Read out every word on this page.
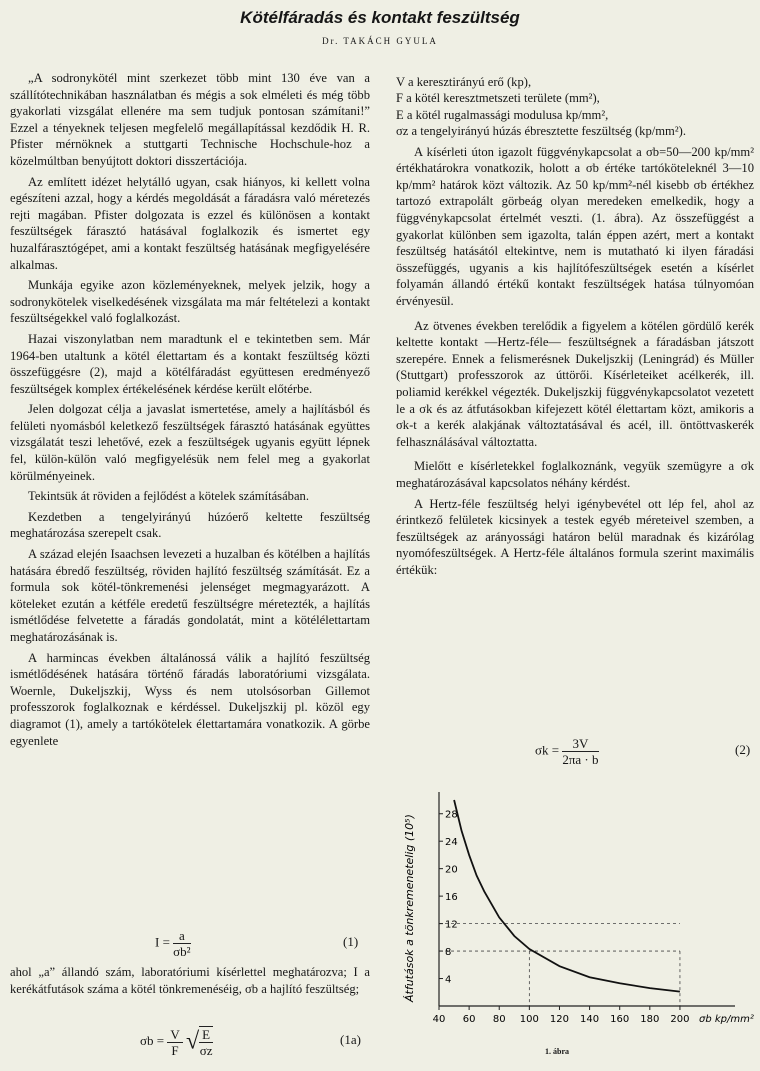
Kötélfáradás és kontakt feszültség
Dr. TAKÁCH GYULA

„A sodronykötél mint szerkezet több mint 130 éve van a szállítótechnikában használatban és mégis a sok elméleti és még több gyakorlati vizsgálat ellenére ma sem tudjuk pontosan számítani!” Ezzel a tényeknek teljesen megfelelő megállapítással kezdődik H. R. Pfister mérnöknek a stuttgarti Technische Hochschule-hoz a közelmúltban benyújtott doktori disszertációja.

Az említett idézet helytálló ugyan, csak hiányos, ki kellett volna egészíteni azzal, hogy a kérdés megoldását a fáradásra való méretezés rejti magában. Pfister dolgozata is ezzel és különösen a kontakt feszültségek fárasztó hatásával foglalkozik és ismertet egy huzalfárasztógépet, ami a kontakt feszültség hatásának megfigyelésére alkalmas.

Munkája egyike azon közleményeknek, melyek jelzik, hogy a sodronykötelek viselkedésének vizsgálata ma már feltételezi a kontakt feszültségekkel való foglalkozást.

Hazai viszonylatban nem maradtunk el e tekintetben sem. Már 1964-ben utaltunk a kötél élettartam és a kontakt feszültség közti összefüggésre (2), majd a kötélfáradást együttesen eredményező feszültségek komplex értékelésének kérdése került előtérbe.

Jelen dolgozat célja a javaslat ismertetése, amely a hajlításból és felületi nyomásból keletkező feszültségek fárasztó hatásának együttes vizsgálatát teszi lehetővé, ezek a feszültségek ugyanis együtt lépnek fel, külön-külön való megfigyelésük nem felel meg a gyakorlat körülményeinek.

Tekintsük át röviden a fejlődést a kötelek számításában.

Kezdetben a tengelyirányú húzóerő keltette feszültség meghatározása szerepelt csak.

A század elején Isaachsen levezeti a huzalban és kötélben a hajlítás hatására ébredő feszültség, röviden hajlító feszültség számítását. Ez a formula sok kötél-tönkremenési jelenséget megmagyarázott. A köteleket ezután a kétféle eredetű feszültségre méretezték, a hajlítás ismétlődése felvetette a fáradás gondolatát, mint a kötélélettartam meghatározásának is.

A harmincas években általánossá válik a hajlító feszültség ismétlődésének hatására történő fáradás laboratóriumi vizsgálata. Woernle, Dukeljszkij, Wyss és nem utolsósorban Gillemot professzorok foglalkoznak e kérdéssel. Dukeljszkij pl. közöl egy diagramot (1), amely a tartókötelek élettartamára vonatkozik. A görbe egyenlete

$I = \frac{a}{\text{σb²}}$	(1)

ahol „a” állandó szám, laboratóriumi kísérlettel meghatározva; I a kerékátfutások száma a kötél tönkremenéséig, σb a hajlító feszültség;

$\sigma b = \frac{V}{F}$ √ $\frac{E}{\sigma z}$	(1a)
V a keresztirányú erő (kp),
F a kötél keresztmetszeti területe (mm²),
E a kötél rugalmassági modulusa kp/mm²,
σz a tengelyirányú húzás ébresztette feszültség (kp/mm²).

A kísérleti úton igazolt függvénykapcsolat a σb=50—200 kp/mm² értékhatárokra vonatkozik, holott a σb értéke tartóköteleknél 3—10 kp/mm² határok közt változik. Az 50 kp/mm²-nél kisebb σb értékhez tartozó extrapolált görbeág olyan meredeken emelkedik, hogy a függvénykapcsolat értelmét veszti. (1. ábra). Az összefüggést a gyakorlat különben sem igazolta, talán éppen azért, mert a kontakt feszültség hatásától eltekintve, nem is mutatható ki ilyen fáradási összefüggés, ugyanis a kis hajlítófeszültségek esetén a kísérlet folyamán állandó értékű kontakt feszültségek hatása túlnyomóan érvényesül.

Az ötvenes években terelődik a figyelem a kötélen gördülő kerék keltette kontakt —Hertz-féle— feszültségnek a fáradásban játszott szerepére. Ennek a felismerésnek Dukeljszkij (Leningrád) és Müller (Stuttgart) professzorok az úttörői. Kísérleteiket acélkerék, ill. poliamid kerékkel végezték. Dukeljszkij függvénykapcsolatot vezetett le a σk és az átfutásokban kifejezett kötél élettartam közt, amikoris a σk-t a kerék alakjának változtatásával és acél, ill. öntöttvaskerék felhasználásával változtatta.

Mielőtt e kísérletekkel foglalkoznánk, vegyük szemügyre a σk meghatározásával kapcsolatos néhány kérdést.

A Hertz-féle feszültség helyi igénybevétel ott lép fel, ahol az érintkező felületek kicsinyek a testek egyéb méreteivel szemben, a feszültségek az arányossági határon belül maradnak és kizárólag nyomófeszültségek. A Hertz-féle általános formula szerint maximális értékük:

$\sigma k = \frac{3V}{2\pi a \cdot b}$	(2)
40 60 80 100 120 140 160 180 200
4
8
12
16
20
24
28
Átfutások a tönkremenetelig (10⁵)
σb kp/mm²
1. ábra
